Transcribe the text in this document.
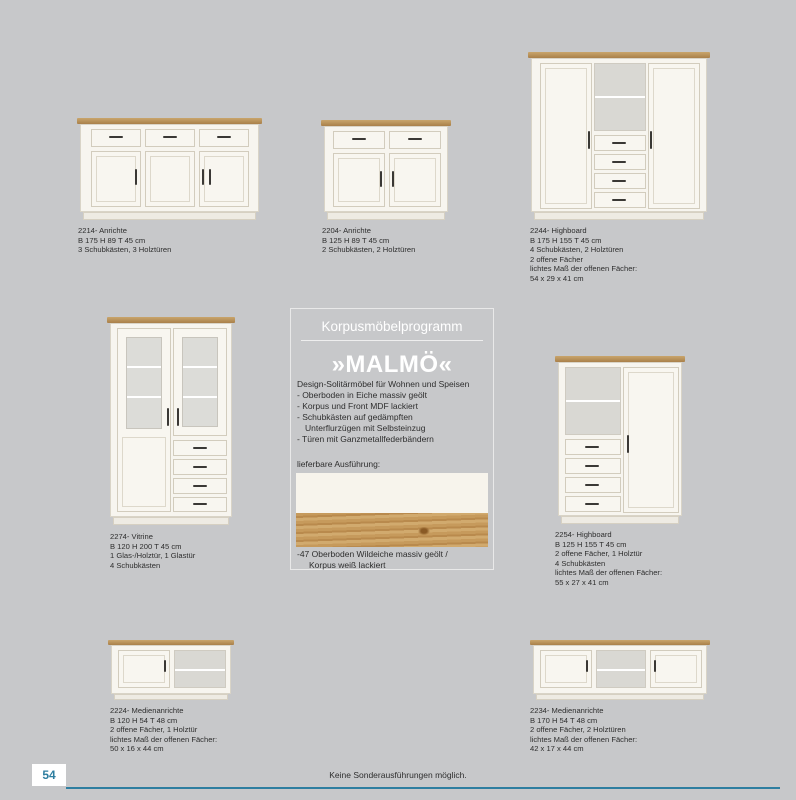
2214- Anrichte
B 175 H 89 T 45 cm
3 Schubkästen, 3 Holztüren
2204- Anrichte
B 125 H 89 T 45 cm
2 Schubkästen, 2 Holztüren
2244- Highboard
B 175 H 155 T 45 cm
4 Schubkästen, 2 Holztüren
2 offene Fächer
lichtes Maß der offenen Fächer:
54 x 29 x 41 cm
2274- Vitrine
B 120 H 200 T 45 cm
1 Glas-/Holztür, 1 Glastür
4 Schubkästen
Korpusmöbelprogramm
»MALMÖ«
Design-Solitärmöbel für Wohnen und Speisen
- Oberboden in Eiche massiv geölt
- Korpus und Front MDF lackiert
- Schubkästen auf gedämpften
Unterflurzügen mit Selbsteinzug
- Türen mit Ganzmetallfederbändern
lieferbare Ausführung:
-47 Oberboden Wildeiche massiv geölt /
Korpus weiß lackiert
2254- Highboard
B 125 H 155 T 45 cm
2 offene Fächer, 1 Holztür
4 Schubkästen
lichtes Maß der offenen Fächer:
55 x 27 x 41 cm
2224- Medienanrichte
B 120 H 54 T 48 cm
2 offene Fächer, 1 Holztür
lichtes Maß der offenen Fächer:
50 x 16 x 44 cm
2234- Medienanrichte
B 170 H 54 T 48 cm
2 offene Fächer, 2 Holztüren
lichtes Maß der offenen Fächer:
42 x 17 x 44 cm
54	Keine Sonderausführungen möglich.
